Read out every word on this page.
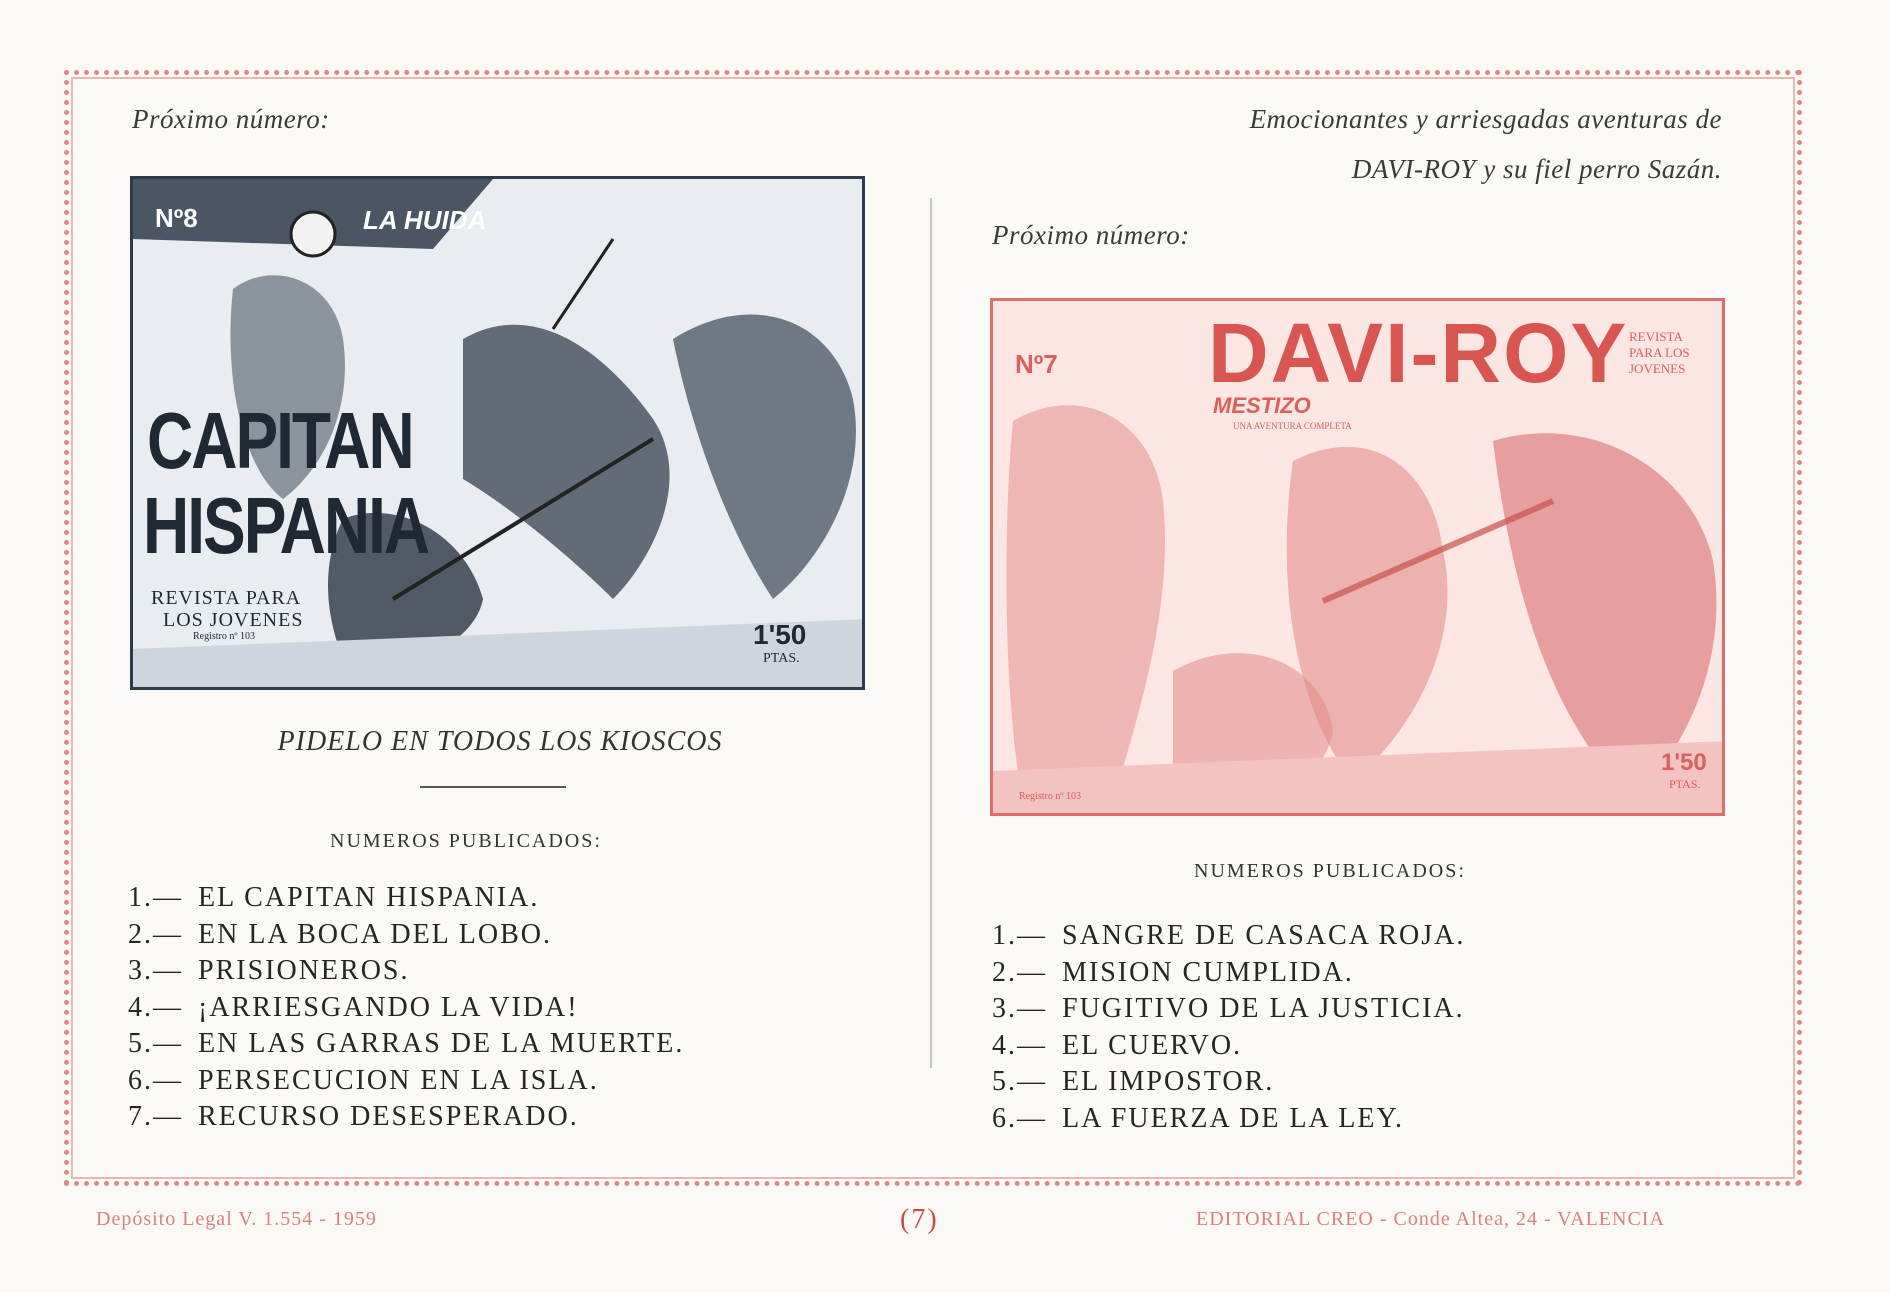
Próximo número:
Nº8	LA HUIDA
CAPITAN
HISPANIA
REVISTA PARA
LOS JOVENES
Registro nº 103	1'50
PTAS.
PIDELO EN TODOS LOS KIOSCOS
NUMEROS PUBLICADOS:
1.— EL CAPITAN HISPANIA.
2.— EN LA BOCA DEL LOBO.
3.— PRISIONEROS.
4.— ¡ARRIESGANDO LA VIDA!
5.— EN LAS GARRAS DE LA MUERTE.
6.— PERSECUCION EN LA ISLA.
7.— RECURSO DESESPERADO.
Emocionantes y arriesgadas aventuras de
DAVI-ROY y su fiel perro Sazán.
Próximo número:
Nº7 DAVI-ROY REVISTA
PARA LOS
JOVENES
MESTIZO
UNA AVENTURA COMPLETA
Registro nº 103
1'50
PTAS.
NUMEROS PUBLICADOS:
1.— SANGRE DE CASACA ROJA.
2.— MISION CUMPLIDA.
3.— FUGITIVO DE LA JUSTICIA.
4.— EL CUERVO.
5.— EL IMPOSTOR.
6.— LA FUERZA DE LA LEY.
Depósito Legal V. 1.554 - 1959	(7)	EDITORIAL CREO - Conde Altea, 24 - VALENCIA
